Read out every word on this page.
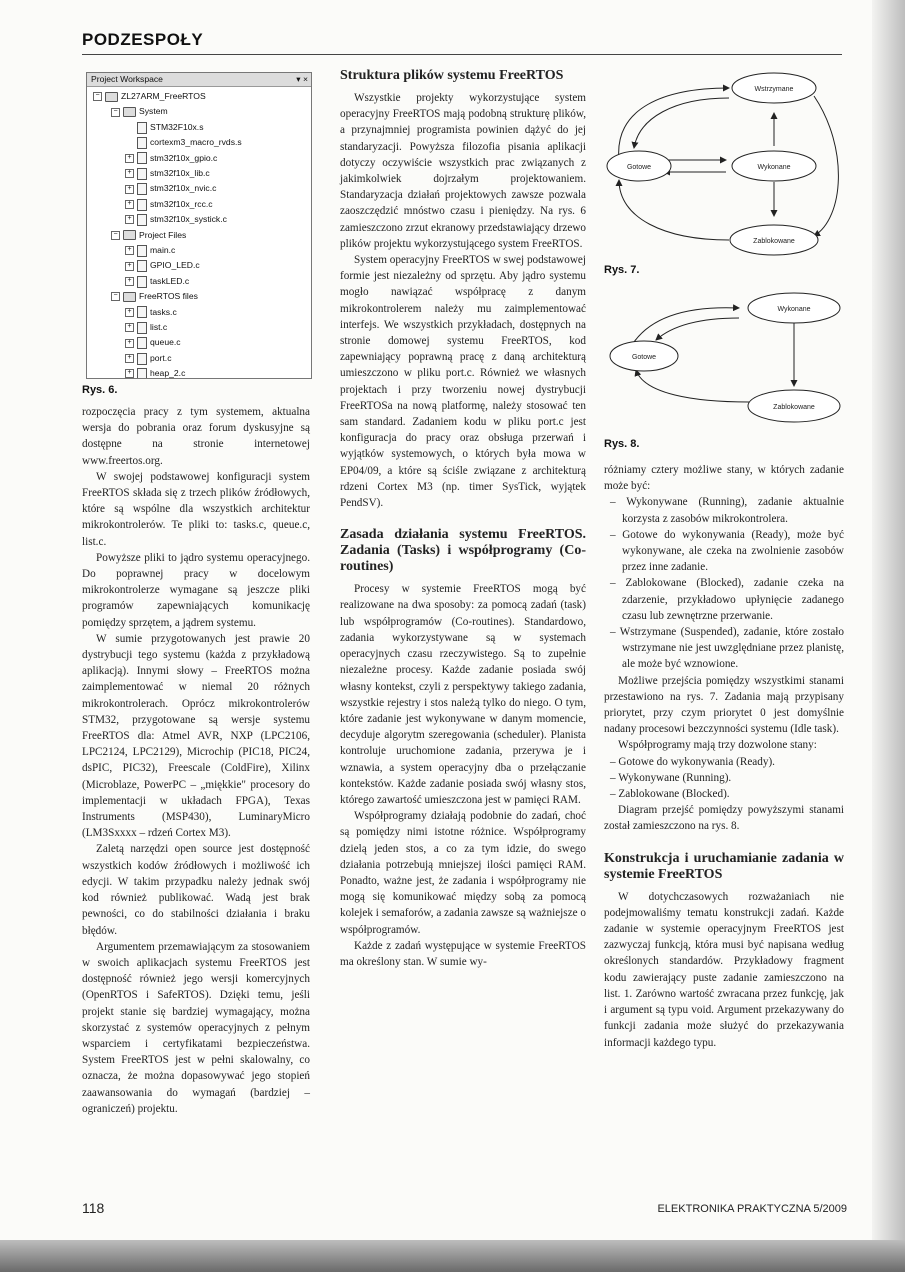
PODZESPOŁY
Project Workspace	▾ ×
− ZL27ARM_FreeRTOS
− System
STM32F10x.s
cortexm3_macro_rvds.s
+ stm32f10x_gpio.c
+ stm32f10x_lib.c
+ stm32f10x_nvic.c
+ stm32f10x_rcc.c
+ stm32f10x_systick.c
− Project Files
+ main.c
+ GPIO_LED.c
+ taskLED.c
− FreeRTOS files
+ tasks.c
+ list.c
+ queue.c
+ port.c
+ heap_2.c
Rys. 6.

rozpoczęcia pracy z tym systemem, aktualna wersja do pobrania oraz forum dyskusyjne są dostępne na stronie internetowej www.freertos.org.

W swojej podstawowej konfiguracji system FreeRTOS składa się z trzech plików źródłowych, które są wspólne dla wszystkich architektur mikrokontrolerów. Te pliki to: tasks.c, queue.c, list.c.

Powyższe pliki to jądro systemu operacyjnego. Do poprawnej pracy w docelowym mikrokontrolerze wymagane są jeszcze pliki programów zapewniających komunikację pomiędzy sprzętem, a jądrem systemu.

W sumie przygotowanych jest prawie 20 dystrybucji tego systemu (każda z przykładową aplikacją). Innymi słowy – FreeRTOS można zaimplementować w niemal 20 różnych mikrokontrolerach. Oprócz mikrokontrolerów STM32, przygotowane są wersje systemu FreeRTOS dla: Atmel AVR, NXP (LPC2106, LPC2124, LPC2129), Microchip (PIC18, PIC24, dsPIC, PIC32), Freescale (ColdFire), Xilinx (Microblaze, PowerPC – „miękkie" procesory do implementacji w układach FPGA), Texas Instruments (MSP430), LuminaryMicro (LM3Sxxxx – rdzeń Cortex M3).

Zaletą narzędzi open source jest dostępność wszystkich kodów źródłowych i możliwość ich edycji. W takim przypadku należy jednak swój kod również publikować. Wadą jest brak pewności, co do stabilności działania i braku błędów.

Argumentem przemawiającym za stosowaniem w swoich aplikacjach systemu FreeRTOS jest dostępność również jego wersji komercyjnych (OpenRTOS i SafeRTOS). Dzięki temu, jeśli projekt stanie się bardziej wymagający, można skorzystać z systemów operacyjnych z pełnym wsparciem i certyfikatami bezpieczeństwa. System FreeRTOS jest w pełni skalowalny, co oznacza, że można dopasowywać jego stopień zaawansowania do wymagań (bardziej – ograniczeń) projektu.

Struktura plików systemu FreeRTOS

Wszystkie projekty wykorzystujące system operacyjny FreeRTOS mają podobną strukturę plików, a przynajmniej programista powinien dążyć do jej standaryzacji. Powyższa filozofia pisania aplikacji dotyczy oczywiście wszystkich prac związanych z jakimkolwiek dojrzałym projektowaniem. Standaryzacja działań projektowych zawsze pozwala zaoszczędzić mnóstwo czasu i pieniędzy. Na rys. 6 zamieszczono zrzut ekranowy przedstawiający drzewo plików projektu wykorzystującego system FreeRTOS.

System operacyjny FreeRTOS w swej podstawowej formie jest niezależny od sprzętu. Aby jądro systemu mogło nawiązać współpracę z danym mikrokontrolerem należy mu zaimplementować interfejs. We wszystkich przykładach, dostępnych na stronie domowej systemu FreeRTOS, kod zapewniający poprawną pracę z daną architekturą umieszczono w pliku port.c. Również we własnych projektach i przy tworzeniu nowej dystrybucji FreeRTOSa na nową platformę, należy stosować ten sam standard. Zadaniem kodu w pliku port.c jest konfiguracja do pracy oraz obsługa przerwań i wyjątków systemowych, o których była mowa w EP04/09, a które są ściśle związane z architekturą rdzeni Cortex M3 (np. timer SysTick, wyjątek PendSV).

Zasada działania systemu FreeRTOS. Zadania (Tasks) i współprogramy (Co-routines)

Procesy w systemie FreeRTOS mogą być realizowane na dwa sposoby: za pomocą zadań (task) lub współprogramów (Co-routines). Standardowo, zadania wykorzystywane są w systemach operacyjnych czasu rzeczywistego. Są to zupełnie niezależne procesy. Każde zadanie posiada swój własny kontekst, czyli z perspektywy takiego zadania, wszystkie rejestry i stos należą tylko do niego. O tym, które zadanie jest wykonywane w danym momencie, decyduje algorytm szeregowania (scheduler). Planista kontroluje uruchomione zadania, przerywa je i wznawia, a system operacyjny dba o przełączanie kontekstów. Każde zadanie posiada swój własny stos, którego zawartość umieszczona jest w pamięci RAM.

Współprogramy działają podobnie do zadań, choć są pomiędzy nimi istotne różnice. Współprogramy dzielą jeden stos, a co za tym idzie, do swego działania potrzebują mniejszej ilości pamięci RAM. Ponadto, ważne jest, że zadania i współprogramy nie mogą się komunikować między sobą za pomocą kolejek i semaforów, a zadania zawsze są ważniejsze o współprogramów.

Każde z zadań występujące w systemie FreeRTOS ma określony stan. W sumie wy-

Wstrzymane
Gotowe	Wykonane
Zablokowane
Rys. 7.
Wykonane
Gotowe
Zablokowane
Rys. 8.

różniamy cztery możliwe stany, w których zadanie może być:

– Wykonywane (Running), zadanie aktualnie korzysta z zasobów mikrokontrolera.
– Gotowe do wykonywania (Ready), może być wykonywane, ale czeka na zwolnienie zasobów przez inne zadanie.
– Zablokowane (Blocked), zadanie czeka na zdarzenie, przykładowo upłynięcie zadanego czasu lub zewnętrzne przerwanie.
– Wstrzymane (Suspended), zadanie, które zostało wstrzymane nie jest uwzględniane przez planistę, ale może być wznowione.

Możliwe przejścia pomiędzy wszystkimi stanami przestawiono na rys. 7. Zadania mają przypisany priorytet, przy czym priorytet 0 jest domyślnie nadany procesowi bezczynności systemu (Idle task).

Współprogramy mają trzy dozwolone stany:

– Gotowe do wykonywania (Ready).
– Wykonywane (Running).
– Zablokowane (Blocked).

Diagram przejść pomiędzy powyższymi stanami został zamieszczono na rys. 8.

Konstrukcja i uruchamianie zadania w systemie FreeRTOS

W dotychczasowych rozważaniach nie podejmowaliśmy tematu konstrukcji zadań. Każde zadanie w systemie operacyjnym FreeRTOS jest zazwyczaj funkcją, która musi być napisana według określonych standardów. Przykładowy fragment kodu zawierający puste zadanie zamieszczono na list. 1. Zarówno wartość zwracana przez funkcję, jak i argument są typu void. Argument przekazywany do funkcji zadania może służyć do przekazywania informacji każdego typu.

118	ELEKTRONIKA PRAKTYCZNA 5/2009
